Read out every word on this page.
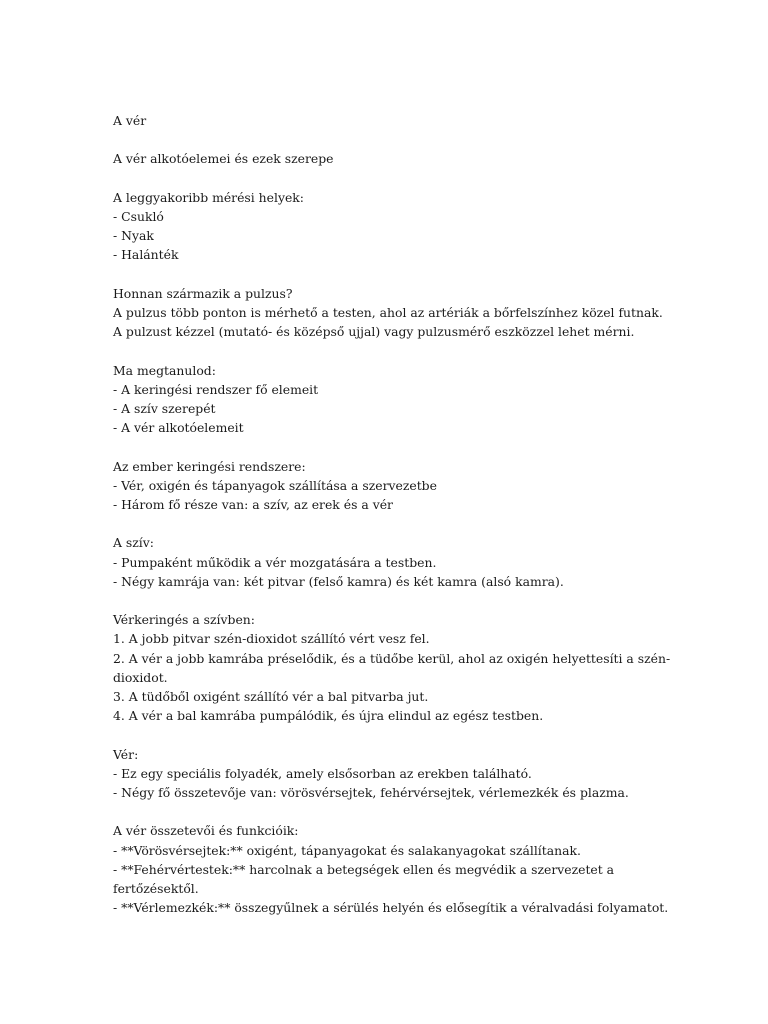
A vér
A vér alkotóelemei és ezek szerepe
A leggyakoribb mérési helyek:
- Csukló
- Nyak
- Halánték
Honnan származik a pulzus?
A pulzus több ponton is mérhető a testen, ahol az artériák a bőrfelszínhez közel futnak.
A pulzust kézzel (mutató- és középső ujjal) vagy pulzusmérő eszközzel lehet mérni.
Ma megtanulod:
- A keringési rendszer fő elemeit
- A szív szerepét
- A vér alkotóelemeit
Az ember keringési rendszere:
- Vér, oxigén és tápanyagok szállítása a szervezetbe
- Három fő része van: a szív, az erek és a vér
A szív:
- Pumpaként működik a vér mozgatására a testben.
- Négy kamrája van: két pitvar (felső kamra) és két kamra (alsó kamra).
Vérkeringés a szívben:
1. A jobb pitvar szén-dioxidot szállító vért vesz fel.
2. A vér a jobb kamrába préselődik, és a tüdőbe kerül, ahol az oxigén helyettesíti a szén-
dioxidot.
3. A tüdőből oxigént szállító vér a bal pitvarba jut.
4. A vér a bal kamrába pumpálódik, és újra elindul az egész testben.
Vér:
- Ez egy speciális folyadék, amely elsősorban az erekben található.
- Négy fő összetevője van: vörösvérsejtek, fehérvérsejtek, vérlemezkék és plazma.
A vér összetevői és funkcióik:
- **Vörösvérsejtek:** oxigént, tápanyagokat és salakanyagokat szállítanak.
- **Fehérvértestek:** harcolnak a betegségek ellen és megvédik a szervezetet a
fertőzésektől.
- **Vérlemezkék:** összegyűlnek a sérülés helyén és elősegítik a véralvadási folyamatot.
